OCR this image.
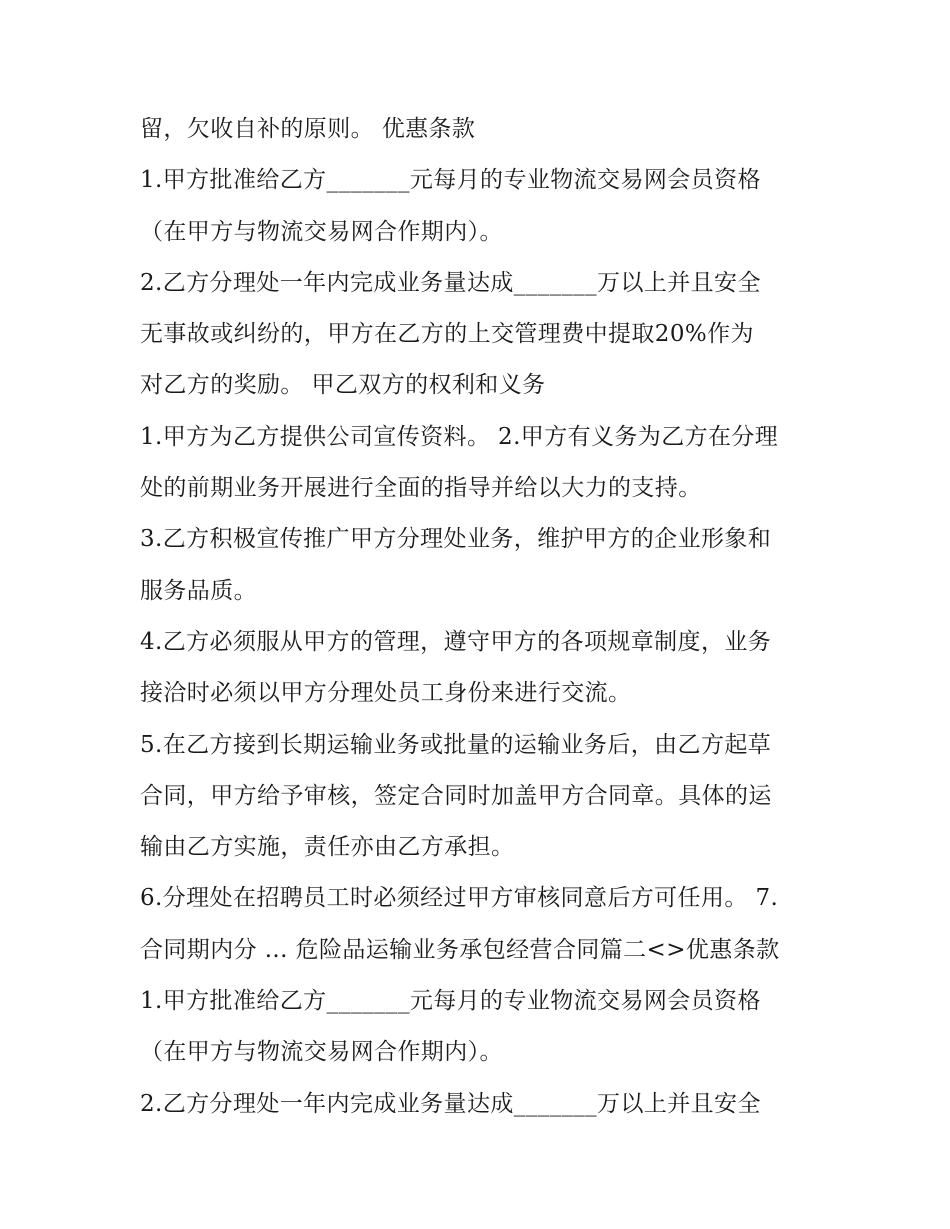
留，欠收自补的原则。 优惠条款
1.甲方批准给乙方_______元每月的专业物流交易网会员资格
（在甲方与物流交易网合作期内）。
2.乙方分理处一年内完成业务量达成_______万以上并且安全
无事故或纠纷的，甲方在乙方的上交管理费中提取20%作为
对乙方的奖励。 甲乙双方的权利和义务
1.甲方为乙方提供公司宣传资料。 2.甲方有义务为乙方在分理
处的前期业务开展进行全面的指导并给以大力的支持。
3.乙方积极宣传推广甲方分理处业务，维护甲方的企业形象和
服务品质。
4.乙方必须服从甲方的管理，遵守甲方的各项规章制度，业务
接洽时必须以甲方分理处员工身份来进行交流。
5.在乙方接到长期运输业务或批量的运输业务后，由乙方起草
合同，甲方给予审核，签定合同时加盖甲方合同章。具体的运
输由乙方实施，责任亦由乙方承担。
6.分理处在招聘员工时必须经过甲方审核同意后方可任用。 7.
合同期内分 ... 危险品运输业务承包经营合同篇二<>优惠条款
1.甲方批准给乙方_______元每月的专业物流交易网会员资格
（在甲方与物流交易网合作期内）。
2.乙方分理处一年内完成业务量达成_______万以上并且安全
